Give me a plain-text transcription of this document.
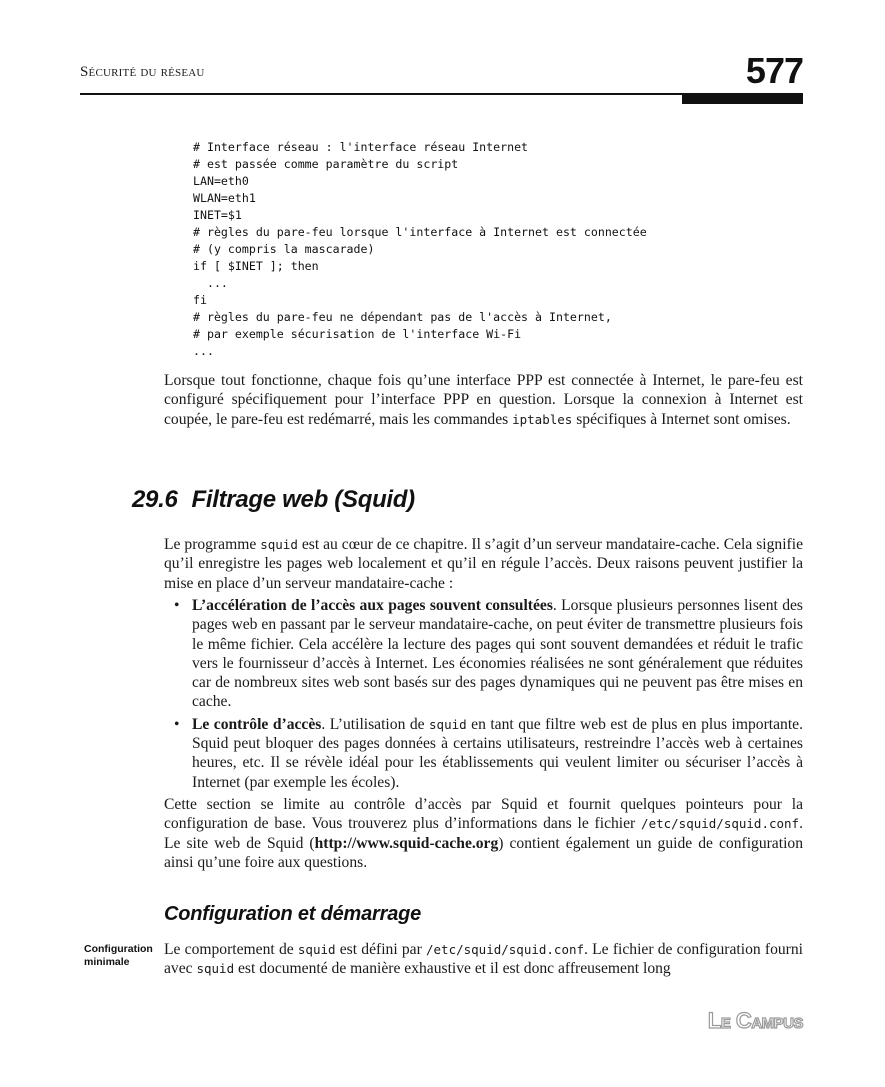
Sécurité du réseau	577
# Interface réseau : l'interface réseau Internet
# est passée comme paramètre du script
LAN=eth0
WLAN=eth1
INET=$1
# règles du pare-feu lorsque l'interface à Internet est connectée
# (y compris la mascarade)
if [ $INET ]; then
...
fi
# règles du pare-feu ne dépendant pas de l'accès à Internet,
# par exemple sécurisation de l'interface Wi-Fi
...

Lorsque tout fonctionne, chaque fois qu’une interface PPP est connectée à Internet, le pare-feu est configuré spécifiquement pour l’interface PPP en question. Lorsque la connexion à Internet est coupée, le pare-feu est redémarré, mais les commandes iptables spécifiques à Internet sont omises.

29.6 Filtrage web (Squid)

Le programme squid est au cœur de ce chapitre. Il s’agit d’un serveur mandataire-cache. Cela signifie qu’il enregistre les pages web localement et qu’il en régule l’accès. Deux raisons peuvent justifier la mise en place d’un serveur mandataire-cache :

• L’accélération de l’accès aux pages souvent consultées. Lorsque plusieurs personnes lisent des pages web en passant par le serveur mandataire-cache, on peut éviter de transmettre plusieurs fois le même fichier. Cela accélère la lecture des pages qui sont souvent demandées et réduit le trafic vers le fournisseur d’accès à Internet. Les économies réalisées ne sont généralement que réduites car de nombreux sites web sont basés sur des pages dynamiques qui ne peuvent pas être mises en cache.
• Le contrôle d’accès. L’utilisation de squid en tant que filtre web est de plus en plus importante. Squid peut bloquer des pages données à certains utilisateurs, restreindre l’accès web à certaines heures, etc. Il se révèle idéal pour les établissements qui veulent limiter ou sécuriser l’accès à Internet (par exemple les écoles).

Cette section se limite au contrôle d’accès par Squid et fournit quelques pointeurs pour la configuration de base. Vous trouverez plus d’informations dans le fichier /etc/squid/squid.conf. Le site web de Squid (http://www.squid-cache.org) contient également un guide de configuration ainsi qu’une foire aux questions.

Configuration et démarrage
Configuration
minimale

Le comportement de squid est défini par /etc/squid/squid.conf. Le fichier de configuration fourni avec squid est documenté de manière exhaustive et il est donc affreusement long

Le Campus
